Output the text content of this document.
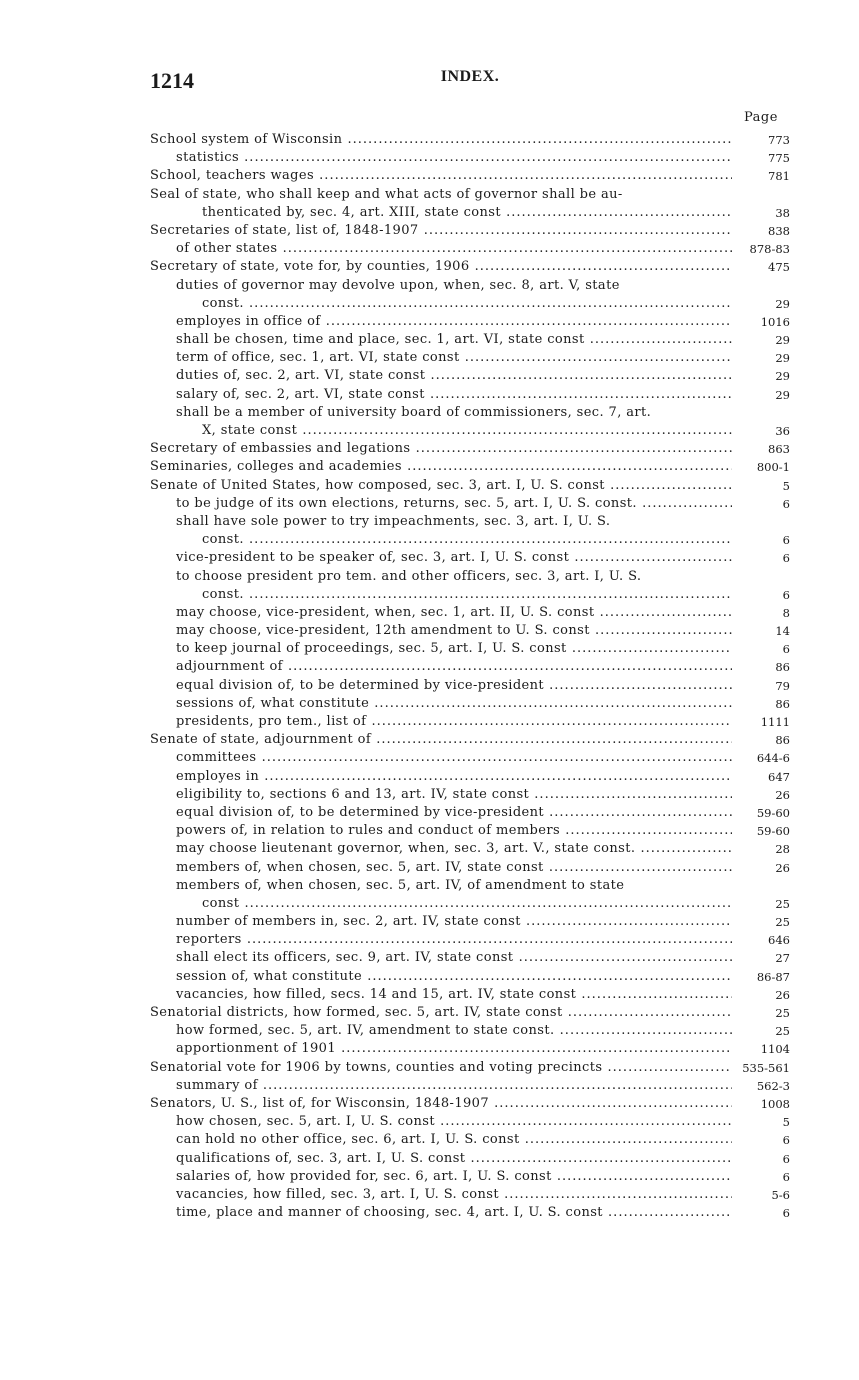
1214	INDEX.
Page
School system of Wisconsin .....	773
statistics .....	775
School, teachers wages .....	781
Seal of state, who shall keep and what acts of governor shall be au-
thenticated by, sec. 4, art. XIII, state const .....	38
Secretaries of state, list of, 1848-1907 .....	838
of other states .....	878-83
Secretary of state, vote for, by counties, 1906 .....	475
duties of governor may devolve upon, when, sec. 8, art. V, state
const. .....	29
employes in office of .....	1016
shall be chosen, time and place, sec. 1, art. VI, state const .....	29
term of office, sec. 1, art. VI, state const .....	29
duties of, sec. 2, art. VI, state const .....	29
salary of, sec. 2, art. VI, state const .....	29
shall be a member of university board of commissioners, sec. 7, art.
X, state const .....	36
Secretary of embassies and legations .....	863
Seminaries, colleges and academies .....	800-1
Senate of United States, how composed, sec. 3, art. I, U. S. const .....	5
to be judge of its own elections, returns, sec. 5, art. I, U. S. const. .....	6
shall have sole power to try impeachments, sec. 3, art. I, U. S.
const. .....	6
vice-president to be speaker of, sec. 3, art. I, U. S. const .....	6
to choose president pro tem. and other officers, sec. 3, art. I, U. S.
const. .....	6
may choose, vice-president, when, sec. 1, art. II, U. S. const .....	8
may choose, vice-president, 12th amendment to U. S. const .....	14
to keep journal of proceedings, sec. 5, art. I, U. S. const .....	6
adjournment of .....	86
equal division of, to be determined by vice-president .....	79
sessions of, what constitute .....	86
presidents, pro tem., list of .....	1111
Senate of state, adjournment of .....	86
committees .....	644-6
employes in .....	647
eligibility to, sections 6 and 13, art. IV, state const .....	26
equal division of, to be determined by vice-president .....	59-60
powers of, in relation to rules and conduct of members .....	59-60
may choose lieutenant governor, when, sec. 3, art. V., state const. .....	28
members of, when chosen, sec. 5, art. IV, state const .....	26
members of, when chosen, sec. 5, art. IV, of amendment to state
const .....	25
number of members in, sec. 2, art. IV, state const .....	25
reporters .....	646
shall elect its officers, sec. 9, art. IV, state const .....	27
session of, what constitute .....	86-87
vacancies, how filled, secs. 14 and 15, art. IV, state const .....	26
Senatorial districts, how formed, sec. 5, art. IV, state const .....	25
how formed, sec. 5, art. IV, amendment to state const. .....	25
apportionment of 1901 .....	1104
Senatorial vote for 1906 by towns, counties and voting precincts .....	535-561
summary of .....	562-3
Senators, U. S., list of, for Wisconsin, 1848-1907 .....	1008
how chosen, sec. 5, art. I, U. S. const .....	5
can hold no other office, sec. 6, art. I, U. S. const .....	6
qualifications of, sec. 3, art. I, U. S. const .....	6
salaries of, how provided for, sec. 6, art. I, U. S. const .....	6
vacancies, how filled, sec. 3, art. I, U. S. const .....	5-6
time, place and manner of choosing, sec. 4, art. I, U. S. const .....	6
